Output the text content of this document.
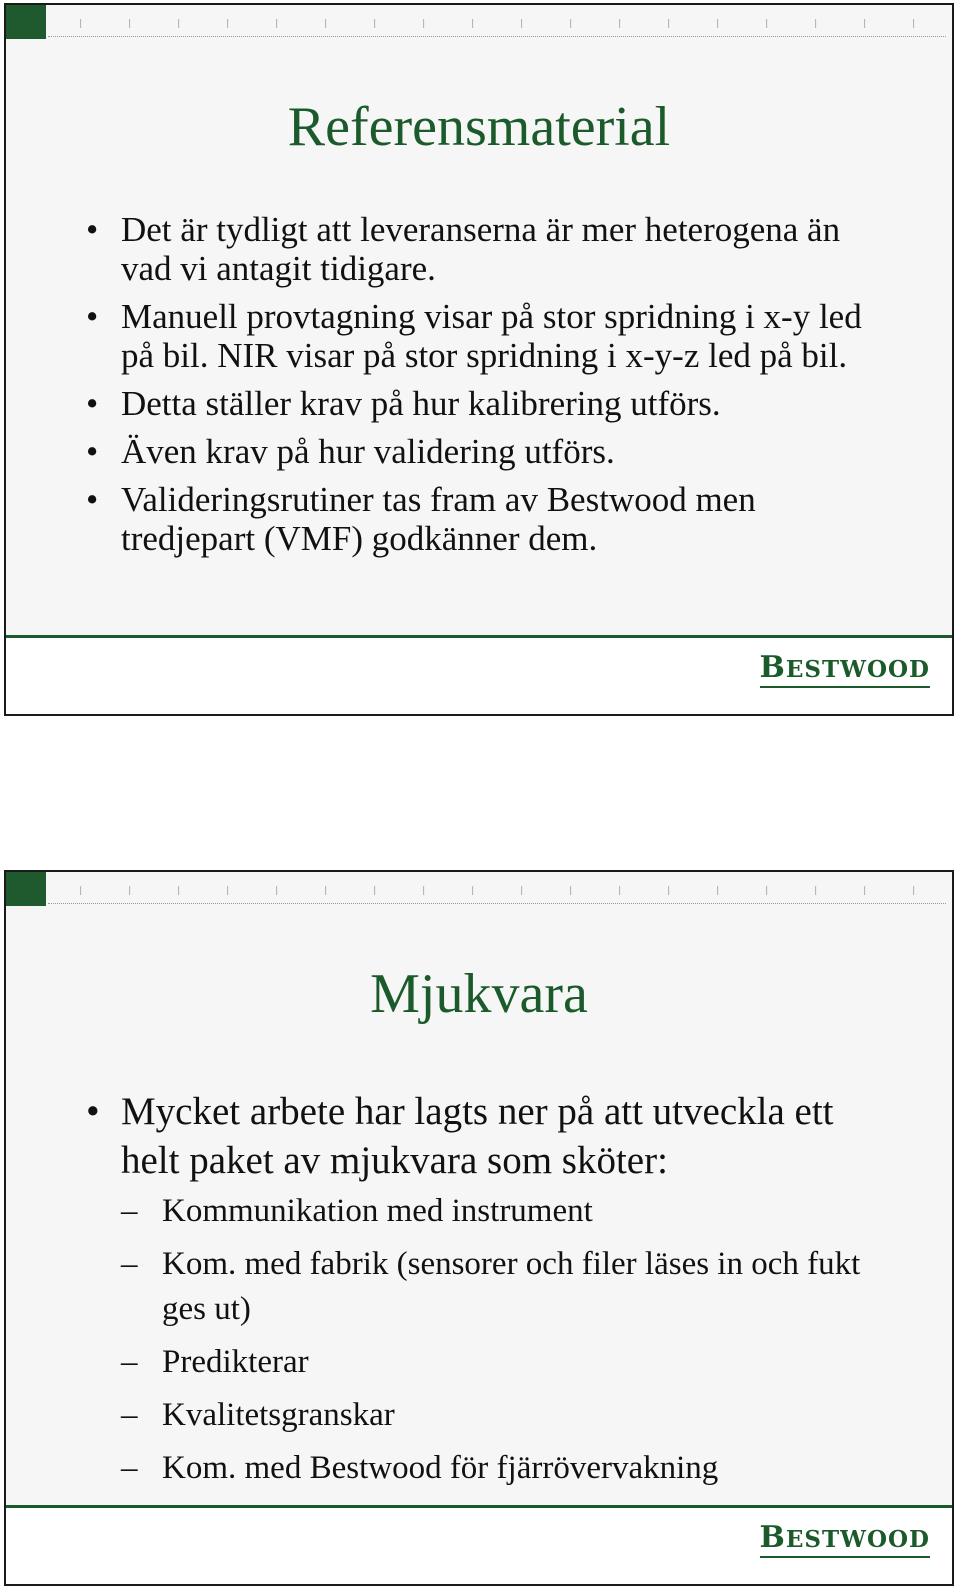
|	|	|	|	|	|	|	|	|	|	|	|	|	|	|	|	|	|
Referensmaterial
• Det är tydligt att leveranserna är mer heterogena än vad vi antagit tidigare.
• Manuell provtagning visar på stor spridning i x-y led på bil. NIR visar på stor spridning i x-y-z led på bil.
• Detta ställer krav på hur kalibrering utförs.
• Även krav på hur validering utförs.
• Valideringsrutiner tas fram av Bestwood men tredjepart (VMF) godkänner dem.
BESTWOOD
|	|	|	|	|	|	|	|	|	|	|	|	|	|	|	|	|	|
Mjukvara
• Mycket arbete har lagts ner på att utveckla ett helt paket av mjukvara som sköter:
– Kommunikation med instrument
– Kom. med fabrik (sensorer och filer läses in och fukt ges ut)
– Predikterar
– Kvalitetsgranskar
– Kom. med Bestwood för fjärrövervakning
BESTWOOD
